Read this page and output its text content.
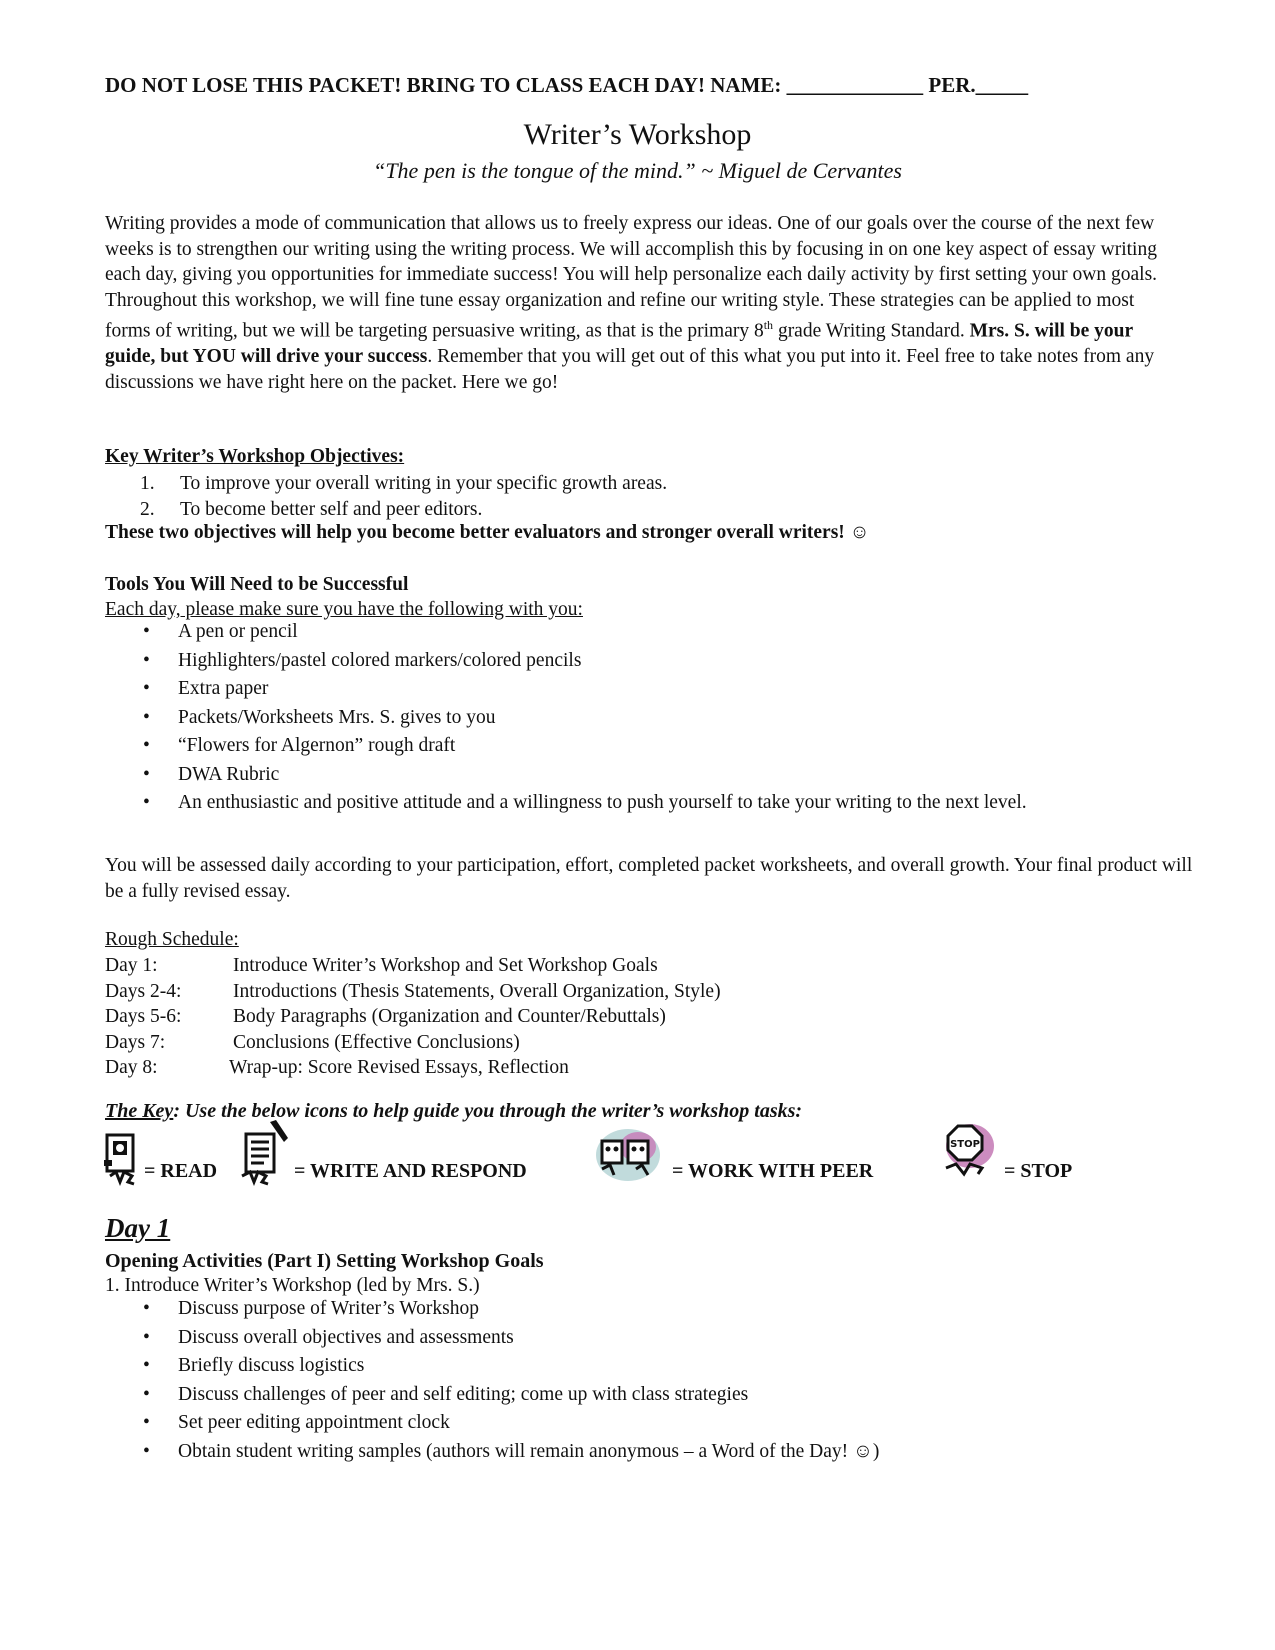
DO NOT LOSE THIS PACKET! BRING TO CLASS EACH DAY! NAME: _____________ PER._____
Writer’s Workshop
“The pen is the tongue of the mind.” ~ Miguel de Cervantes

Writing provides a mode of communication that allows us to freely express our ideas. One of our goals over the course of the next few weeks is to strengthen our writing using the writing process. We will accomplish this by focusing in on one key aspect of essay writing each day, giving you opportunities for immediate success! You will help personalize each daily activity by first setting your own goals. Throughout this workshop, we will fine tune essay organization and refine our writing style. These strategies can be applied to most forms of writing, but we will be targeting persuasive writing, as that is the primary 8th grade Writing Standard. Mrs. S. will be your guide, but YOU will drive your success. Remember that you will get out of this what you put into it. Feel free to take notes from any discussions we have right here on the packet. Here we go!

Key Writer’s Workshop Objectives:
1. To improve your overall writing in your specific growth areas.
2. To become better self and peer editors.
These two objectives will help you become better evaluators and stronger overall writers! ☺
Tools You Will Need to be Successful
Each day, please make sure you have the following with you:
• A pen or pencil
• Highlighters/pastel colored markers/colored pencils
• Extra paper
• Packets/Worksheets Mrs. S. gives to you
• “Flowers for Algernon” rough draft
• DWA Rubric
• An enthusiastic and positive attitude and a willingness to push yourself to take your writing to the next level.
You will be assessed daily according to your participation, effort, completed packet worksheets, and overall growth. Your final product will be a fully revised essay.
Rough Schedule:
Day 1:	Introduce Writer’s Workshop and Set Workshop Goals
Days 2-4:	Introductions (Thesis Statements, Overall Organization, Style)
Days 5-6:	Body Paragraphs (Organization and Counter/Rebuttals)
Days 7:	Conclusions (Effective Conclusions)
Day 8:	Wrap-up: Score Revised Essays, Reflection
The Key: Use the below icons to help guide you through the writer’s workshop tasks:
= READ	= WRITE AND RESPOND	= WORK WITH PEER
STOP
= STOP
Day 1
Opening Activities (Part I) Setting Workshop Goals
1. Introduce Writer’s Workshop (led by Mrs. S.)
• Discuss purpose of Writer’s Workshop
• Discuss overall objectives and assessments
• Briefly discuss logistics
• Discuss challenges of peer and self editing; come up with class strategies
• Set peer editing appointment clock
• Obtain student writing samples (authors will remain anonymous – a Word of the Day! ☺)
